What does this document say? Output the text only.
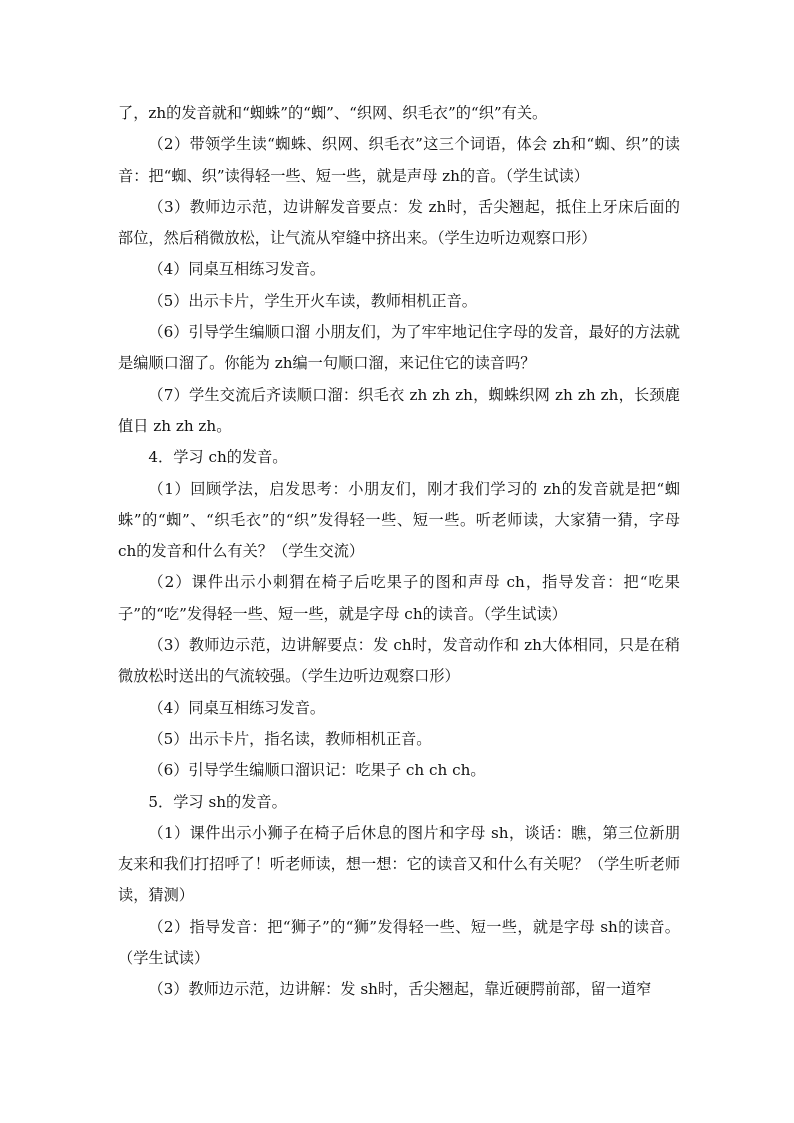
了，zh的发音就和“蜘蛛”的“蜘”、“织网、织毛衣”的“织”有关。

（2）带领学生读“蜘蛛、织网、织毛衣”这三个词语，体会 zh和“蜘、织”的读音：把“蜘、织”读得轻一些、短一些，就是声母 zh的音。（学生试读）

（3）教师边示范，边讲解发音要点：发 zh时，舌尖翘起，抵住上牙床后面的部位，然后稍微放松，让气流从窄缝中挤出来。（学生边听边观察口形）

（4）同桌互相练习发音。

（5）出示卡片，学生开火车读，教师相机正音。

（6）引导学生编顺口溜 小朋友们，为了牢牢地记住字母的发音，最好的方法就是编顺口溜了。你能为 zh编一句顺口溜，来记住它的读音吗？

（7）学生交流后齐读顺口溜：织毛衣 zh zh zh，蜘蛛织网 zh zh zh，长颈鹿值日 zh zh zh。

4．学习 ch的发音。

（1）回顾学法，启发思考：小朋友们，刚才我们学习的 zh的发音就是把“蜘蛛”的“蜘”、“织毛衣”的“织”发得轻一些、短一些。听老师读，大家猜一猜，字母 ch的发音和什么有关？（学生交流）

（2）课件出示小刺猬在椅子后吃果子的图和声母 ch，指导发音：把“吃果子”的“吃”发得轻一些、短一些，就是字母 ch的读音。（学生试读）

（3）教师边示范，边讲解要点：发 ch时，发音动作和 zh大体相同，只是在稍微放松时送出的气流较强。（学生边听边观察口形）

（4）同桌互相练习发音。

（5）出示卡片，指名读，教师相机正音。

（6）引导学生编顺口溜识记：吃果子 ch ch ch。

5．学习 sh的发音。

（1）课件出示小狮子在椅子后休息的图片和字母 sh，谈话：瞧，第三位新朋友来和我们打招呼了！听老师读，想一想：它的读音又和什么有关呢？（学生听老师读，猜测）

（2）指导发音：把“狮子”的“狮”发得轻一些、短一些，就是字母 sh的读音。（学生试读）

（3）教师边示范，边讲解：发 sh时，舌尖翘起，靠近硬腭前部，留一道窄
